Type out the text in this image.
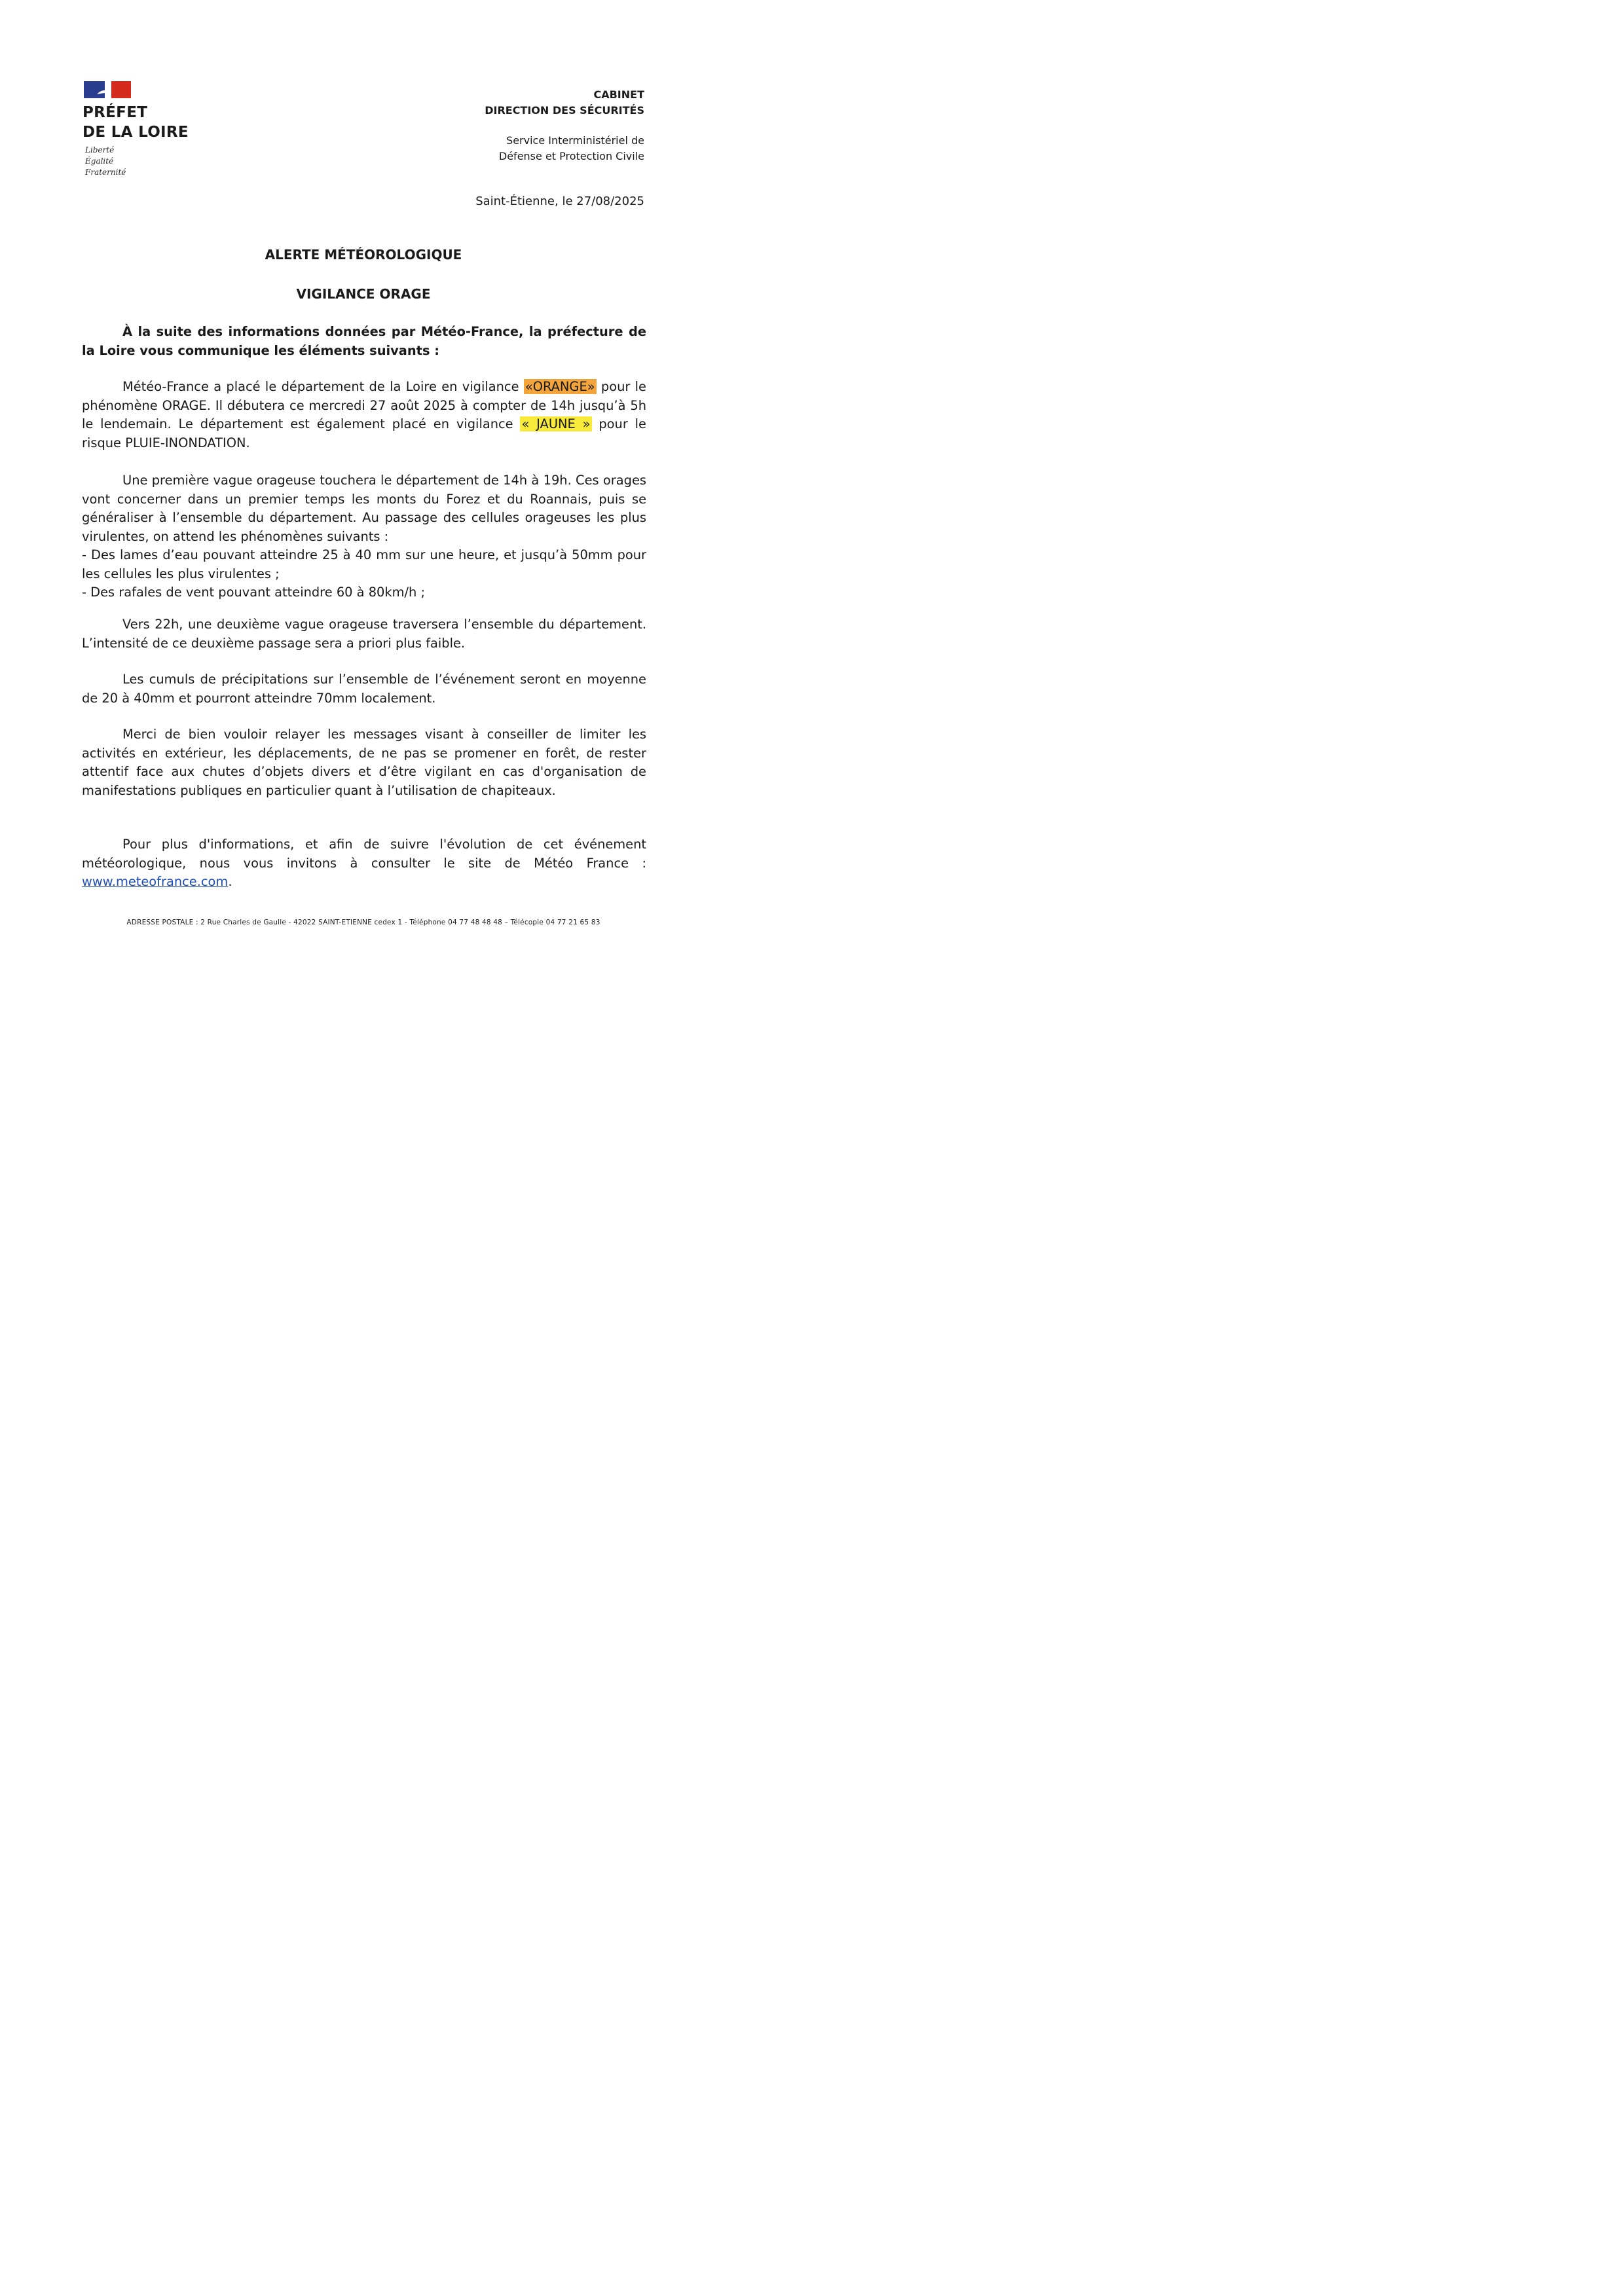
PRÉFET
DE LA LOIRE
Liberté
Égalité
Fraternité
CABINET
DIRECTION DES SÉCURITÉS
Service Interministériel de
Défense et Protection Civile
Saint-Étienne, le 27/08/2025
ALERTE MÉTÉOROLOGIQUE
VIGILANCE ORAGE
À la suite des informations données par Météo-France, la préfecture de la Loire vous communique les éléments suivants :
Météo-France a placé le département de la Loire en vigilance «ORANGE» pour le phénomène ORAGE. Il débutera ce mercredi 27 août 2025 à compter de 14h jusqu’à 5h le lendemain. Le département est également placé en vigilance « JAUNE » pour le risque PLUIE-INONDATION.
Une première vague orageuse touchera le département de 14h à 19h. Ces orages vont concerner dans un premier temps les monts du Forez et du Roannais, puis se généraliser à l’ensemble du département. Au passage des cellules orageuses les plus virulentes, on attend les phénomènes suivants :
- Des lames d’eau pouvant atteindre 25 à 40 mm sur une heure, et jusqu’à 50mm pour les cellules les plus virulentes ;
- Des rafales de vent pouvant atteindre 60 à 80km/h ;
Vers 22h, une deuxième vague orageuse traversera l’ensemble du département. L’intensité de ce deuxième passage sera a priori plus faible.
Les cumuls de précipitations sur l’ensemble de l’événement seront en moyenne de 20 à 40mm et pourront atteindre 70mm localement.
Merci de bien vouloir relayer les messages visant à conseiller de limiter les activités en extérieur, les déplacements, de ne pas se promener en forêt, de rester attentif face aux chutes d’objets divers et d’être vigilant en cas d'organisation de manifestations publiques en particulier quant à l’utilisation de chapiteaux.
Pour plus d'informations, et afin de suivre l'évolution de cet événement météorologique, nous vous invitons à consulter le site de Météo France : www.meteofrance.com.
ADRESSE POSTALE : 2 Rue Charles de Gaulle - 42022 SAINT-ETIENNE cedex 1 - Téléphone 04 77 48 48 48 – Télécopie 04 77 21 65 83
